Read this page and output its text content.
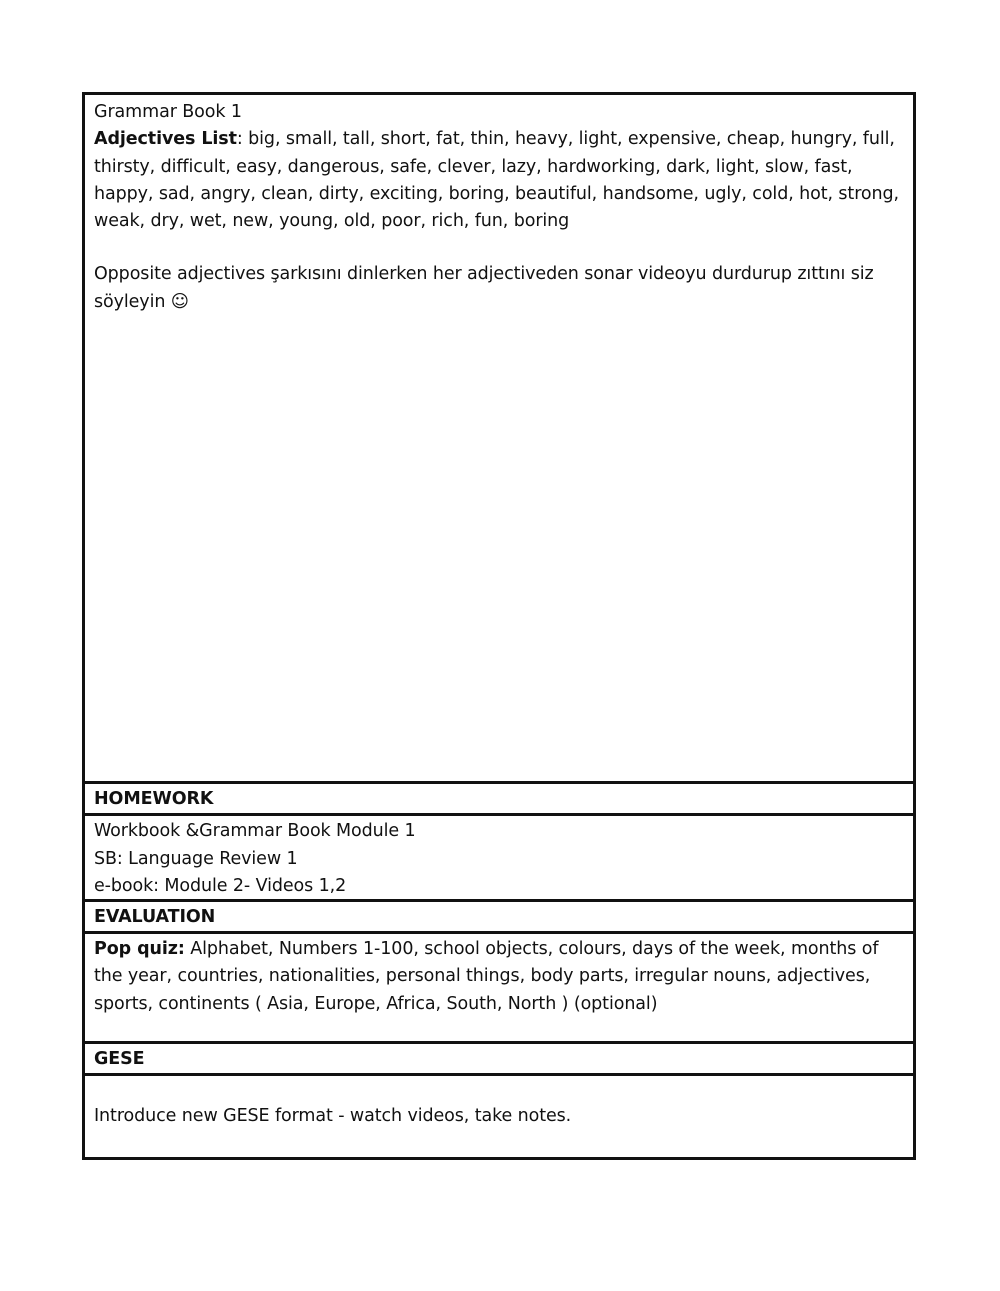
Grammar Book 1

Adjectives List: big, small, tall, short, fat, thin, heavy, light, expensive, cheap, hungry, full, thirsty, difficult, easy, dangerous, safe, clever, lazy, hardworking, dark, light, slow, fast, happy, sad, angry, clean, dirty, exciting, boring, beautiful, handsome, ugly, cold, hot, strong, weak, dry, wet, new, young, old, poor, rich, fun, boring

Opposite adjectives şarkısını dinlerken her adjectiveden sonar videoyu durdurup zıttını siz söyleyin ☺

HOMEWORK

Workbook &Grammar Book Module 1

SB: Language Review 1

e-book: Module 2- Videos 1,2

EVALUATION

Pop quiz: Alphabet, Numbers 1-100, school objects, colours, days of the week, months of the year, countries, nationalities, personal things, body parts, irregular nouns, adjectives, sports, continents ( Asia, Europe, Africa, South, North ) (optional)

GESE

Introduce new GESE format - watch videos, take notes.
